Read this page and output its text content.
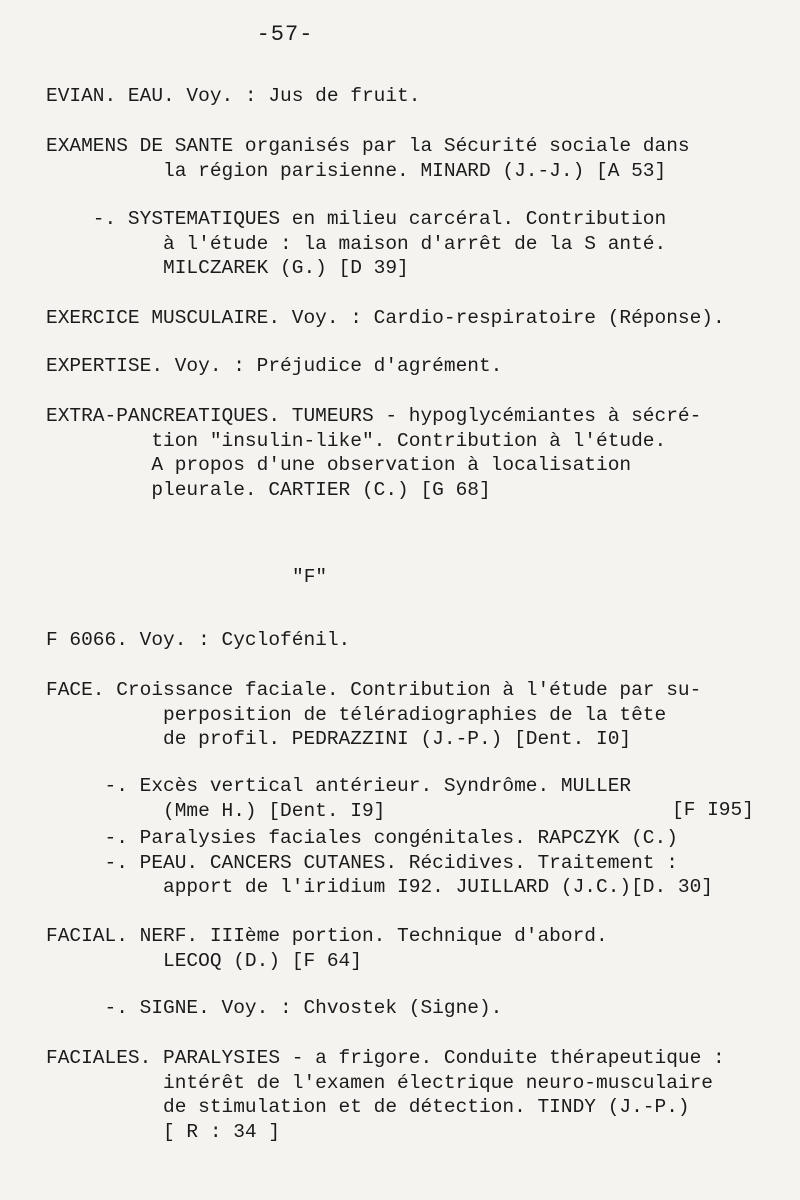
-57-
EVIAN. EAU. Voy. : Jus de fruit.
EXAMENS DE SANTE organisés par la Sécurité sociale dans
la région parisienne. MINARD (J.-J.) [A 53]
-. SYSTEMATIQUES en milieu carcéral. Contribution
à l'étude : la maison d'arrêt de la S anté.
MILCZAREK (G.) [D 39]
EXERCICE MUSCULAIRE. Voy. : Cardio-respiratoire (Réponse).
EXPERTISE. Voy. : Préjudice d'agrément.
EXTRA-PANCREATIQUES. TUMEURS - hypoglycémiantes à sécré-
tion "insulin-like". Contribution à l'étude.
A propos d'une observation à localisation
pleurale. CARTIER (C.) [G 68]
"F"
F 6066. Voy. : Cyclofénil.
FACE. Croissance faciale. Contribution à l'étude par su-
perposition de téléradiographies de la tête
de profil. PEDRAZZINI (J.-P.) [Dent. I0]
-. Excès vertical antérieur. Syndrôme. MULLER
(Mme H.) [Dent. I9]	[F I95]
-. Paralysies faciales congénitales. RAPCZYK (C.)
-. PEAU. CANCERS CUTANES. Récidives. Traitement :
apport de l'iridium I92. JUILLARD (J.C.)[D. 30]
FACIAL. NERF. IIIème portion. Technique d'abord.
LECOQ (D.) [F 64]
-. SIGNE. Voy. : Chvostek (Signe).
FACIALES. PARALYSIES - a frigore. Conduite thérapeutique :
intérêt de l'examen électrique neuro-musculaire
de stimulation et de détection. TINDY (J.-P.)
[ R : 34 ]
